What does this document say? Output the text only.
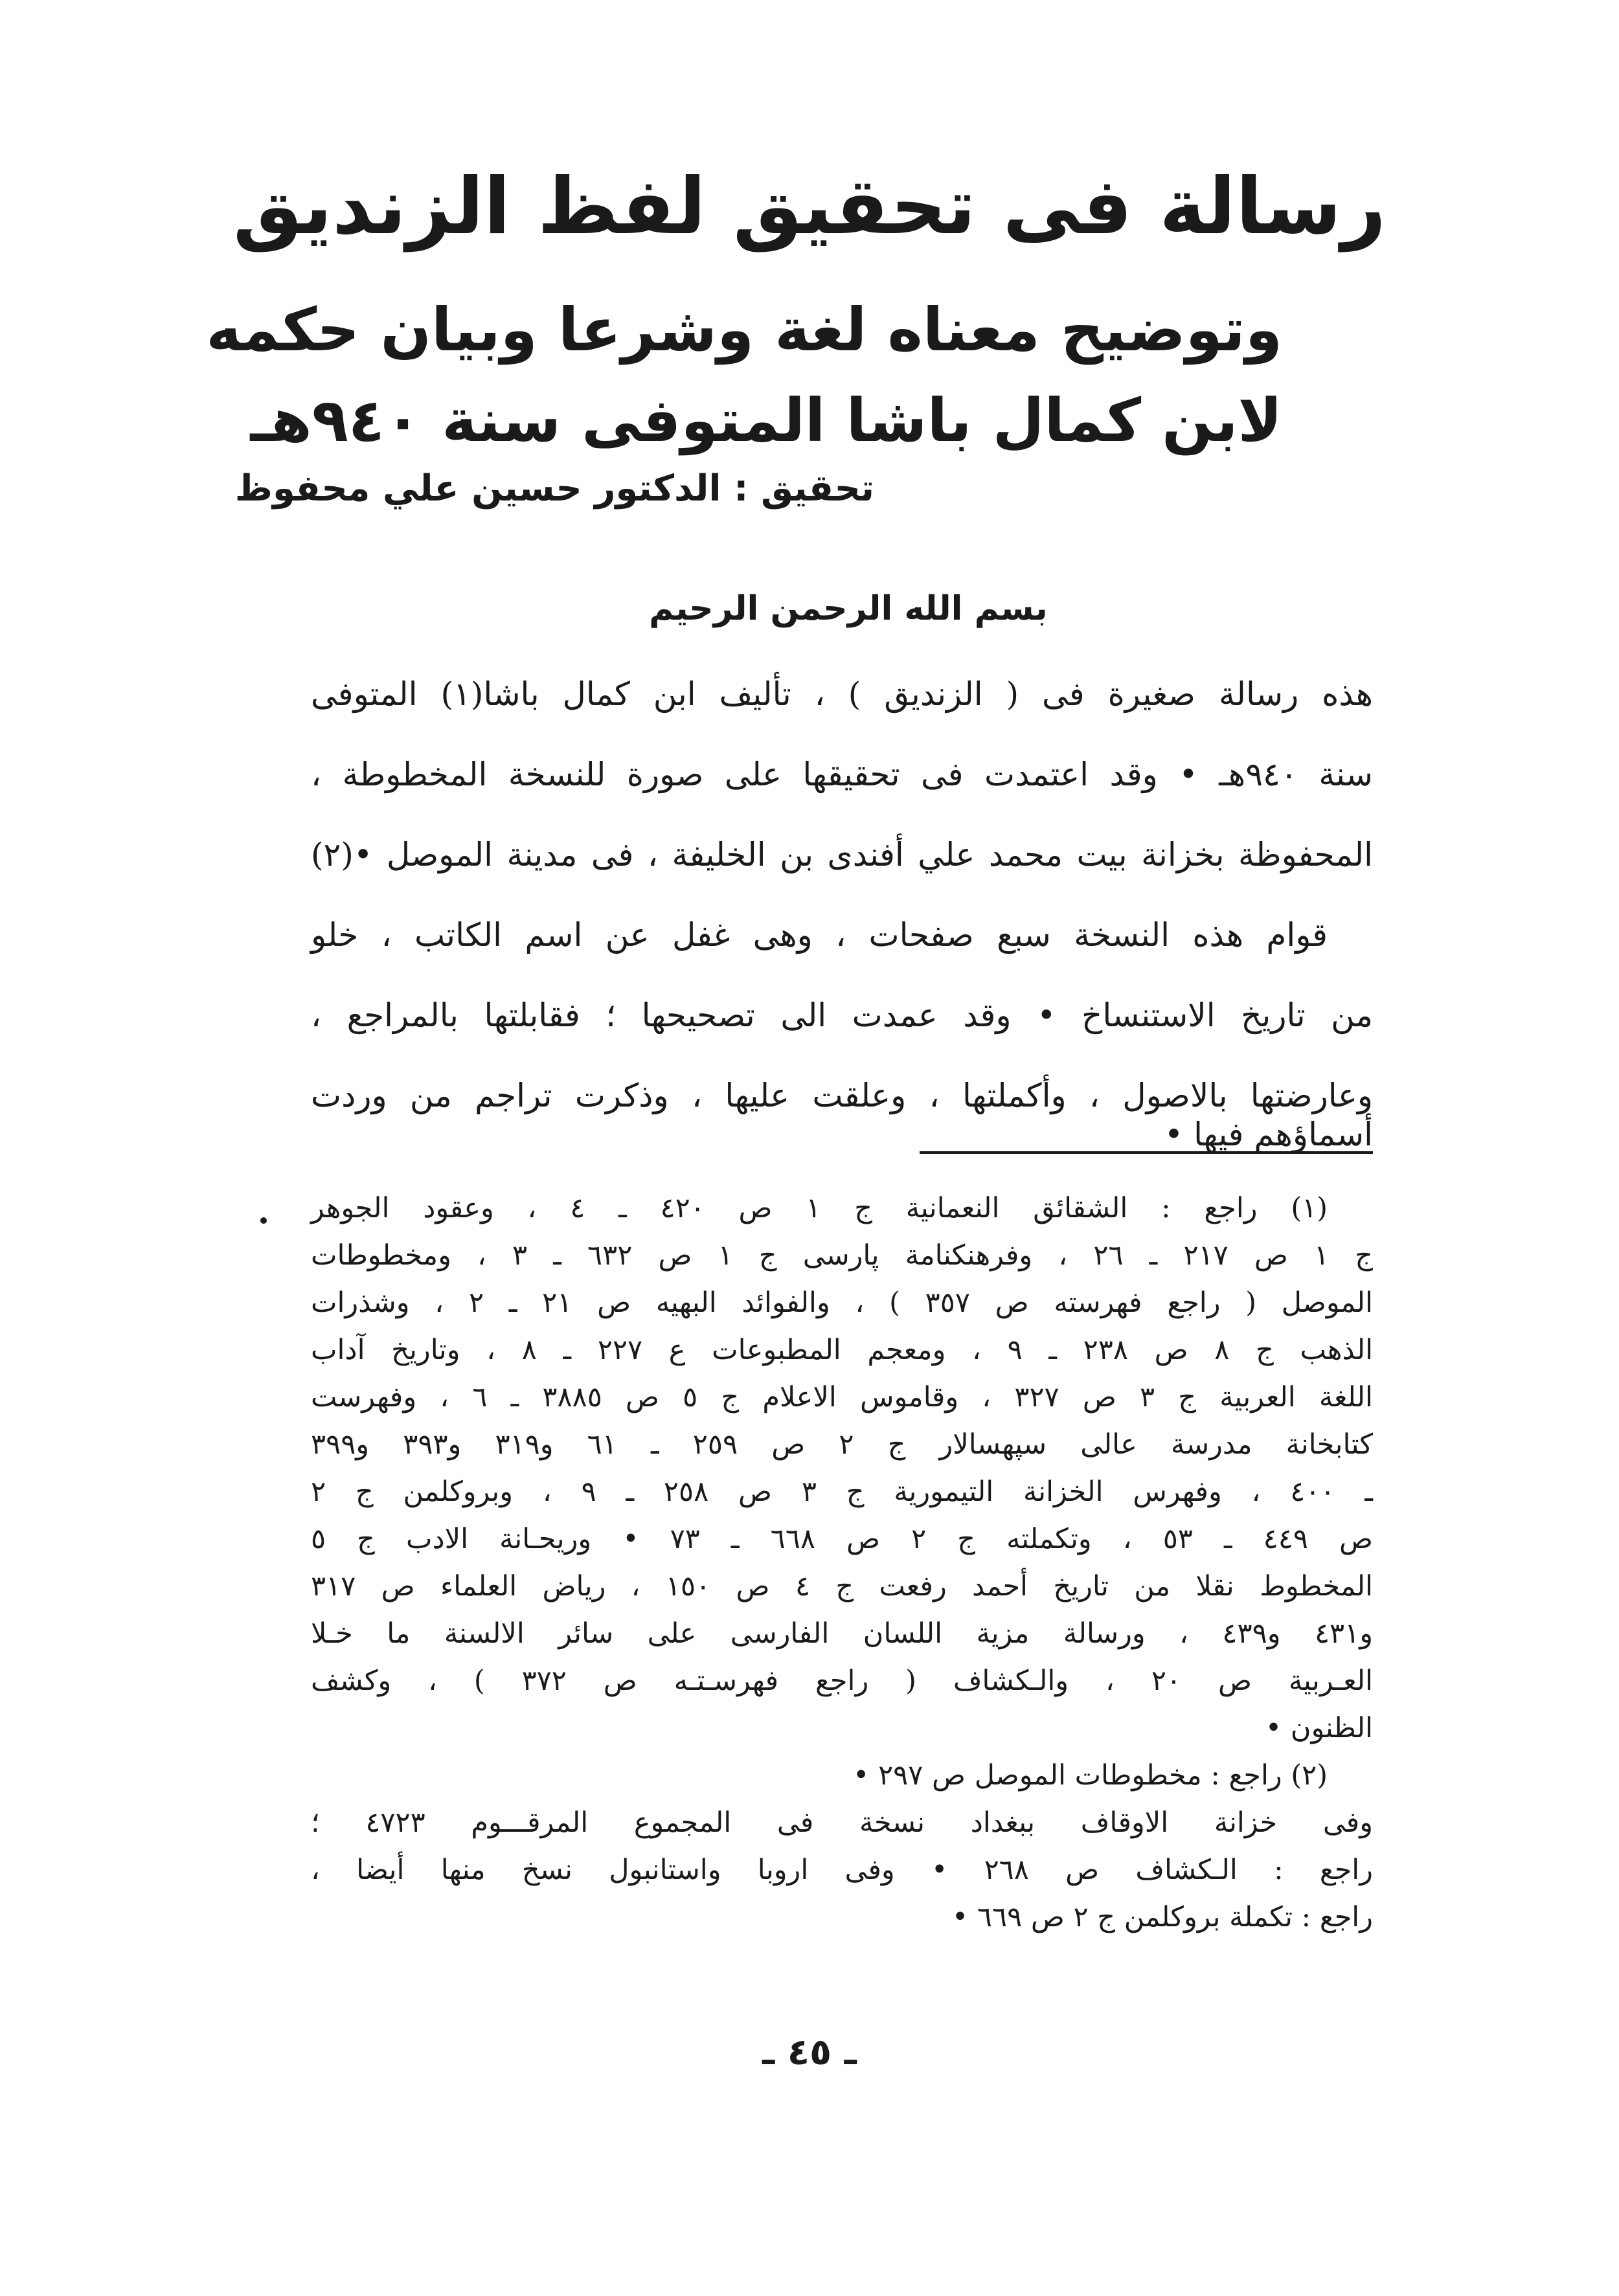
رسالة فى تحقيق لفظ الزنديق
وتوضيح معناه لغة وشرعا وبيان حكمه
لابن كمال باشا المتوفى سنة ٩٤٠هـ
تحقيق : الدكتور حسين علي محفوظ
بسم الله الرحمن الرحيم
هذه رسالة صغيرة فى ( الزنديق ) ، تأليف ابن كمال باشا(١) المتوفى
سنة ٩٤٠هـ • وقد اعتمدت فى تحقيقها على صورة للنسخة المخطوطة ،
المحفوظة بخزانة بيت محمد علي أفندى بن الخليفة ، فى مدينة الموصل •(٢)
قوام هذه النسخة سبع صفحات ، وهى غفل عن اسم الكاتب ، خلو
من تاريخ الاستنساخ • وقد عمدت الى تصحيحها ؛ فقابلتها بالمراجع ،
وعارضتها بالاصول ، وأكملتها ، وعلقت عليها ، وذكرت تراجم من وردت
أسماؤهم فيها •
(١) راجع : الشقائق النعمانية ج ١ ص ٤٢٠ ـ ٤ ، وعقود الجوهر
ج ١ ص ٢١٧ ـ ٢٦ ، وفرهنكنامة پارسى ج ١ ص ٦٣٢ ـ ٣ ، ومخطوطات
الموصل ( راجع فهرسته ص ٣٥٧ ) ، والفوائد البهيه ص ٢١ ـ ٢ ، وشذرات
الذهب ج ٨ ص ٢٣٨ ـ ٩ ، ومعجم المطبوعات ع ٢٢٧ ـ ٨ ، وتاريخ آداب
اللغة العربية ج ٣ ص ٣٢٧ ، وقاموس الاعلام ج ٥ ص ٣٨٨٥ ـ ٦ ، وفهرست
كتابخانة مدرسة عالى سپهسالار ج ٢ ص ٢٥٩ ـ ٦١ و٣١٩ و٣٩٣ و٣٩٩
ـ ٤٠٠ ، وفهرس الخزانة التيمورية ج ٣ ص ٢٥٨ ـ ٩ ، وبروكلمن ج ٢
ص ٤٤٩ ـ ٥٣ ، وتكملته ج ٢ ص ٦٦٨ ـ ٧٣ • وريحـانة الادب ج ٥
المخطوط نقلا من تاريخ أحمد رفعت ج ٤ ص ١٥٠ ، رياض العلماء ص ٣١٧
و٤٣١ و٤٣٩ ، ورسالة مزية اللسان الفارسى على سائر الالسنة ما خـلا
العـربية ص ٢٠ ، والـكشاف ( راجع فهرسـتـه ص ٣٧٢ ) ، وكشف
الظنون •
(٢) راجع : مخطوطات الموصل ص ٢٩٧ •
وفى خزانة الاوقاف ببغداد نسخة فى المجموع المرقـــوم ٤٧٢٣ ؛
راجع : الـكشاف ص ٢٦٨ • وفى اروبا واستانبول نسخ منها أيضا ،
راجع : تكملة بروكلمن ج ٢ ص ٦٦٩ •
ـ ٤٥ ـ
